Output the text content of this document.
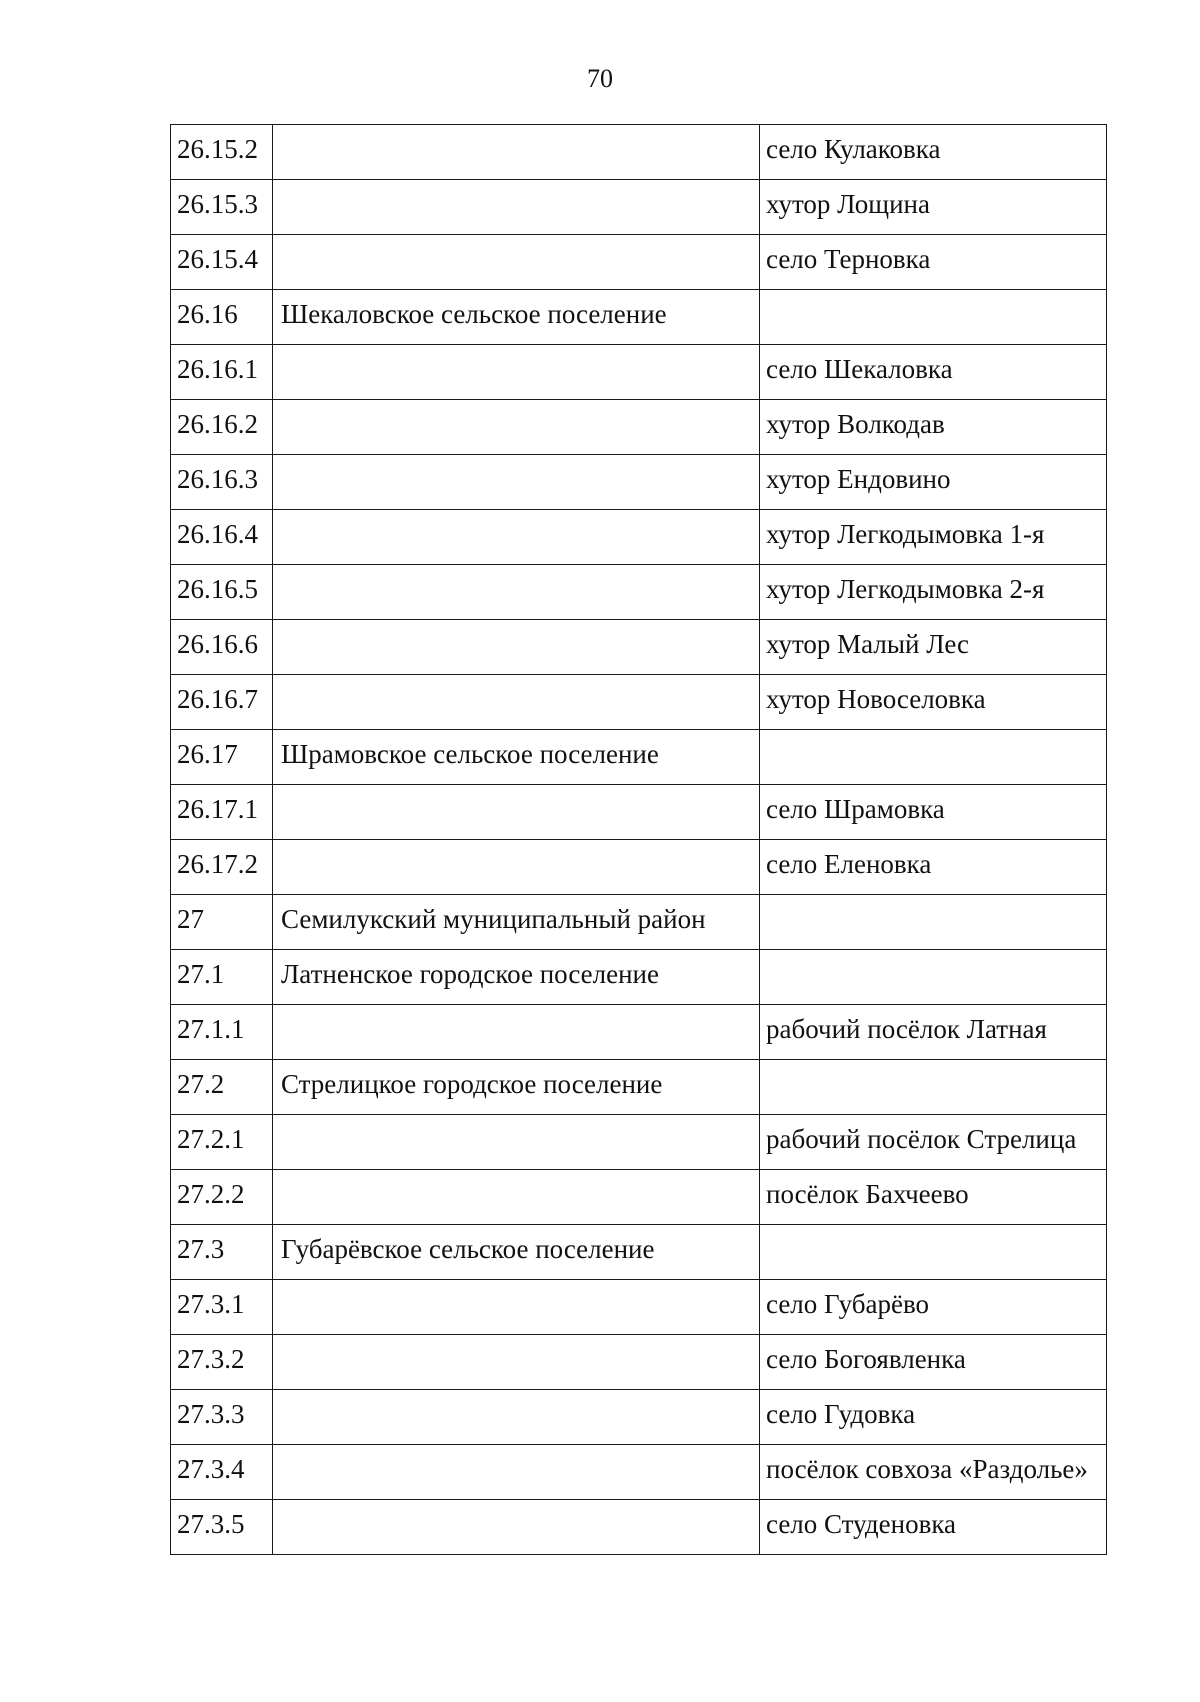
70
26.15.2		село Кулаковка
26.15.3		хутор Лощина
26.15.4		село Терновка
26.16	Шекаловское сельское поселение	
26.16.1		село Шекаловка
26.16.2		хутор Волкодав
26.16.3		хутор Ендовино
26.16.4		хутор Легкодымовка 1-я
26.16.5		хутор Легкодымовка 2-я
26.16.6		хутор Малый Лес
26.16.7		хутор Новоселовка
26.17	Шрамовское сельское поселение	
26.17.1		село Шрамовка
26.17.2		село Еленовка
27	Семилукский муниципальный район	
27.1	Латненское городское поселение	
27.1.1		рабочий посёлок Латная
27.2	Стрелицкое городское поселение	
27.2.1		рабочий посёлок Стрелица
27.2.2		посёлок Бахчеево
27.3	Губарёвское сельское поселение	
27.3.1		село Губарёво
27.3.2		село Богоявленка
27.3.3		село Гудовка
27.3.4		посёлок совхоза «Раздолье»
27.3.5		село Студеновка
